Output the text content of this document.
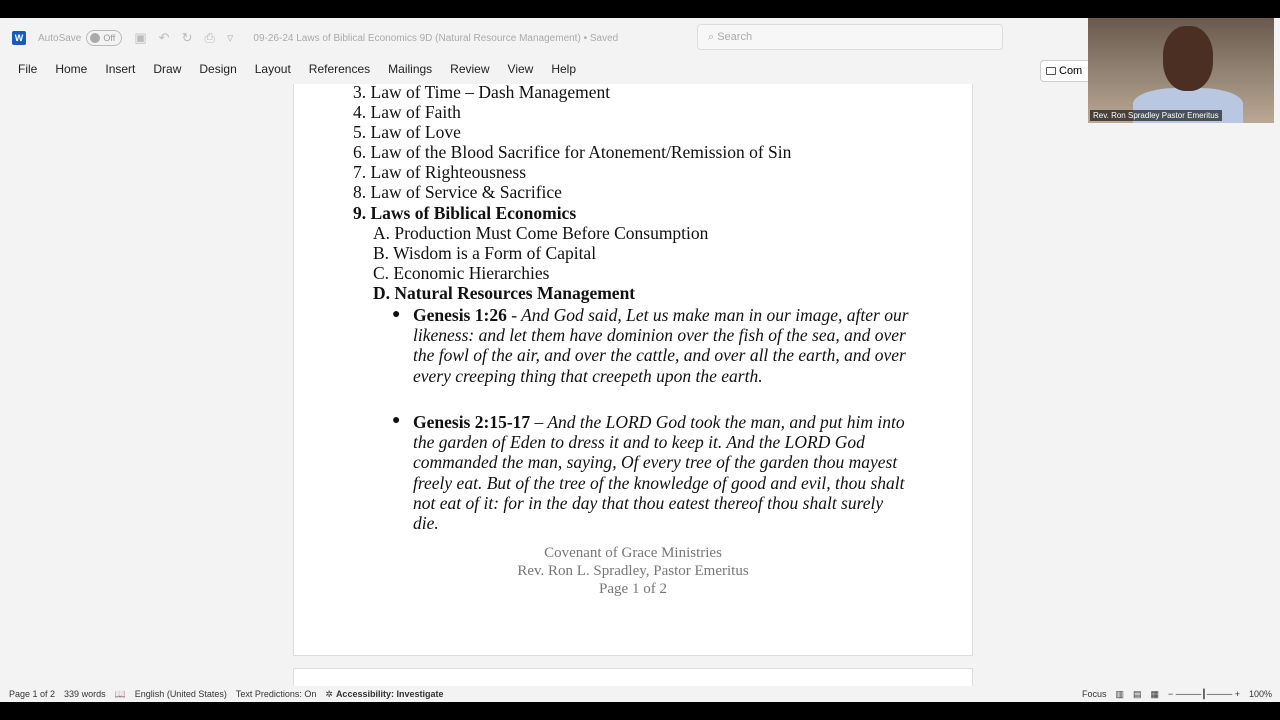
W AutoSave Off ▣ ↶ ↻ ⎙ ▿ 09-26-24 Laws of Biblical Economics 9D (Natural Resource Management) • Saved	⌕ Search
File Home Insert Draw Design Layout References Mailings Review View Help	Com
3. Law of Time – Dash Management
4. Law of Faith
5. Law of Love
6. Law of the Blood Sacrifice for Atonement/Remission of Sin
7. Law of Righteousness
8. Law of Service & Sacrifice
9. Laws of Biblical Economics
A. Production Must Come Before Consumption
B. Wisdom is a Form of Capital
C. Economic Hierarchies
D. Natural Resources Management
● Genesis 1:26 - And God said, Let us make man in our image, after our likeness: and let them have dominion over the fish of the sea, and over the fowl of the air, and over the cattle, and over all the earth, and over every creeping thing that creepeth upon the earth.
● Genesis 2:15-17 – And the LORD God took the man, and put him into the garden of Eden to dress it and to keep it. And the LORD God commanded the man, saying, Of every tree of the garden thou mayest freely eat. But of the tree of the knowledge of good and evil, thou shalt not eat of it: for in the day that thou eatest thereof thou shalt surely die.
Covenant of Grace Ministries
Rev. Ron L. Spradley, Pastor Emeritus
Page 1 of 2
Page 1 of 2 339 words 📖 English (United States) Text Predictions: On ✲ Accessibility: Investigate	Focus ▥ ▤ ▦ − ────┃──── + 100%
Rev. Ron Spradley Pastor Emeritus
